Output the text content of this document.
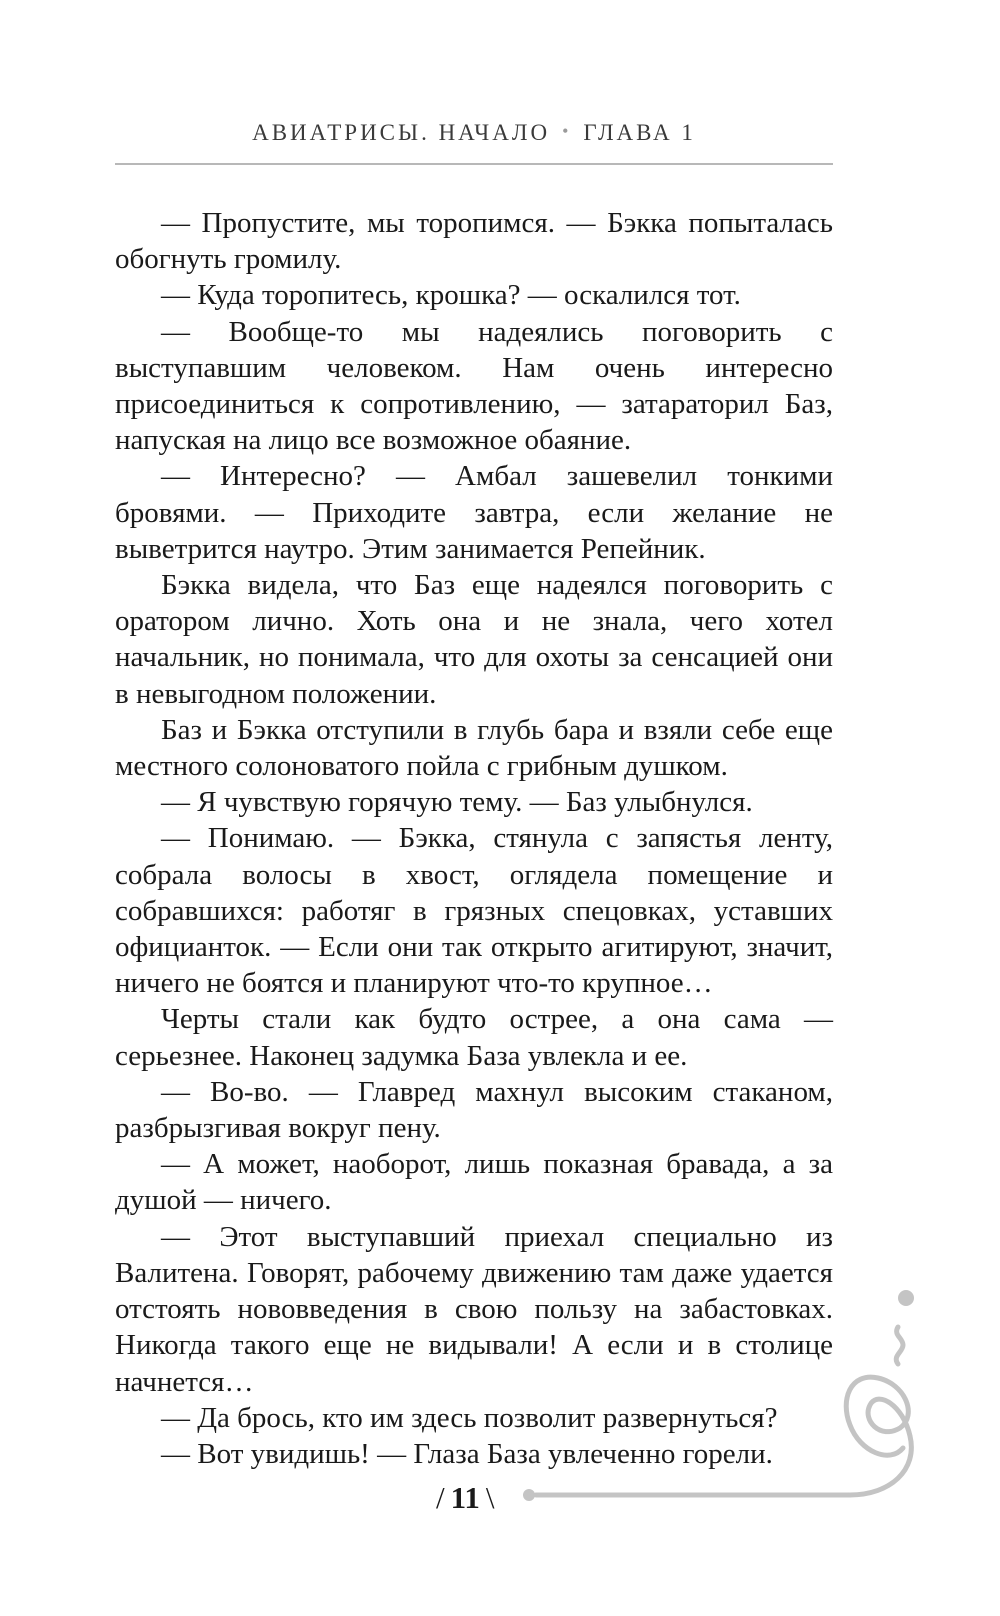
АВИАТРИСЫ. НАЧАЛО • ГЛАВА 1

— Пропустите, мы торопимся. — Бэкка попыталась обогнуть громилу.

— Куда торопитесь, крошка? — оскалился тот.

— Вообще-то мы надеялись поговорить с выступавшим человеком. Нам очень интересно присоединиться к сопротивлению, — затараторил Баз, напуская на лицо все возможное обаяние.

— Интересно? — Амбал зашевелил тонкими бровями. — Приходите завтра, если желание не выветрится наутро. Этим занимается Репейник.

Бэкка видела, что Баз еще надеялся поговорить с оратором лично. Хоть она и не знала, чего хотел начальник, но понимала, что для охоты за сенсацией они в невыгодном положении.

Баз и Бэкка отступили в глубь бара и взяли себе еще местного солоноватого пойла с грибным душком.

— Я чувствую горячую тему. — Баз улыбнулся.

— Понимаю. — Бэкка, стянула с запястья ленту, собрала волосы в хвост, оглядела помещение и собравшихся: работяг в грязных спецовках, уставших официанток. — Если они так открыто агитируют, значит, ничего не боятся и планируют что-то крупное…

Черты стали как будто острее, а она сама — серьезнее. Наконец задумка База увлекла и ее.

— Во-во. — Главред махнул высоким стаканом, разбрызгивая вокруг пену.

— А может, наоборот, лишь показная бравада, а за душой — ничего.

— Этот выступавший приехал специально из Валитена. Говорят, рабочему движению там даже удается отстоять нововведения в свою пользу на забастовках. Никогда такого еще не видывали! А если и в столице начнется…

— Да брось, кто им здесь позволит развернуться?

— Вот увидишь! — Глаза База увлеченно горели.

/ 11 \
